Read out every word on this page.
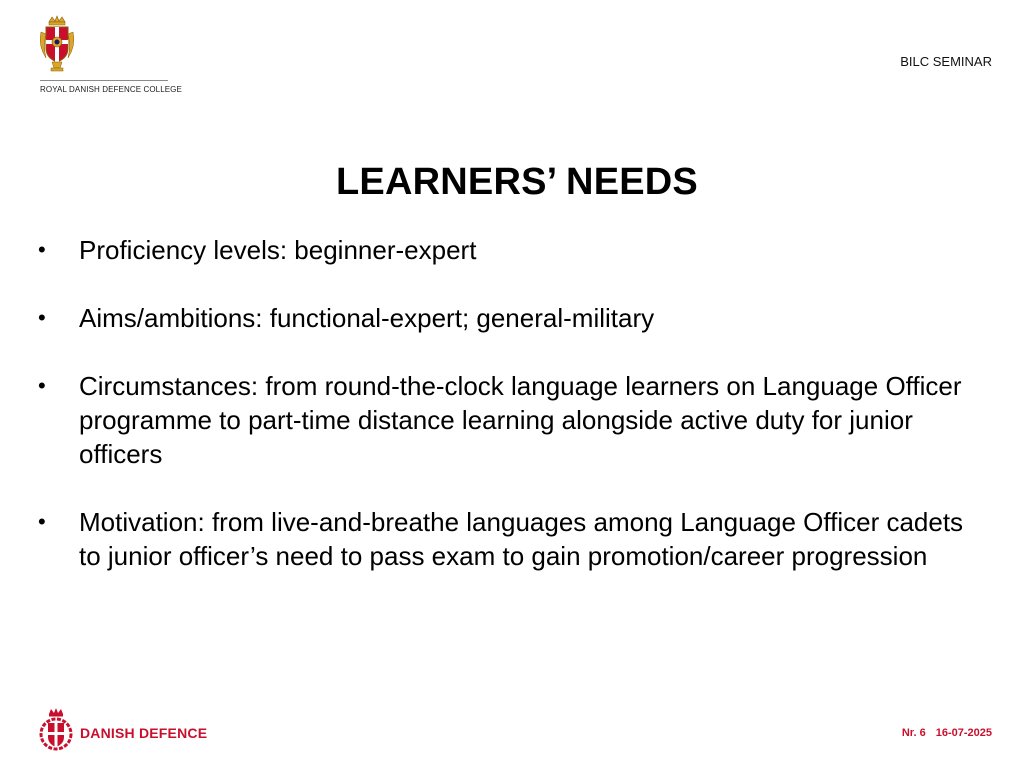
ROYAL DANISH DEFENCE COLLEGE
BILC SEMINAR
LEARNERS’ NEEDS
•	Proficiency levels: beginner-expert
•	Aims/ambitions: functional-expert; general-military
•	Circumstances: from round-the-clock language learners on Language Officer programme to part-time distance learning alongside active duty for junior officers
•	Motivation: from live-and-breathe languages among Language Officer cadets to junior officer’s need to pass exam to gain promotion/career progression
DANISH DEFENCE	Nr. 6 16-07-2025
